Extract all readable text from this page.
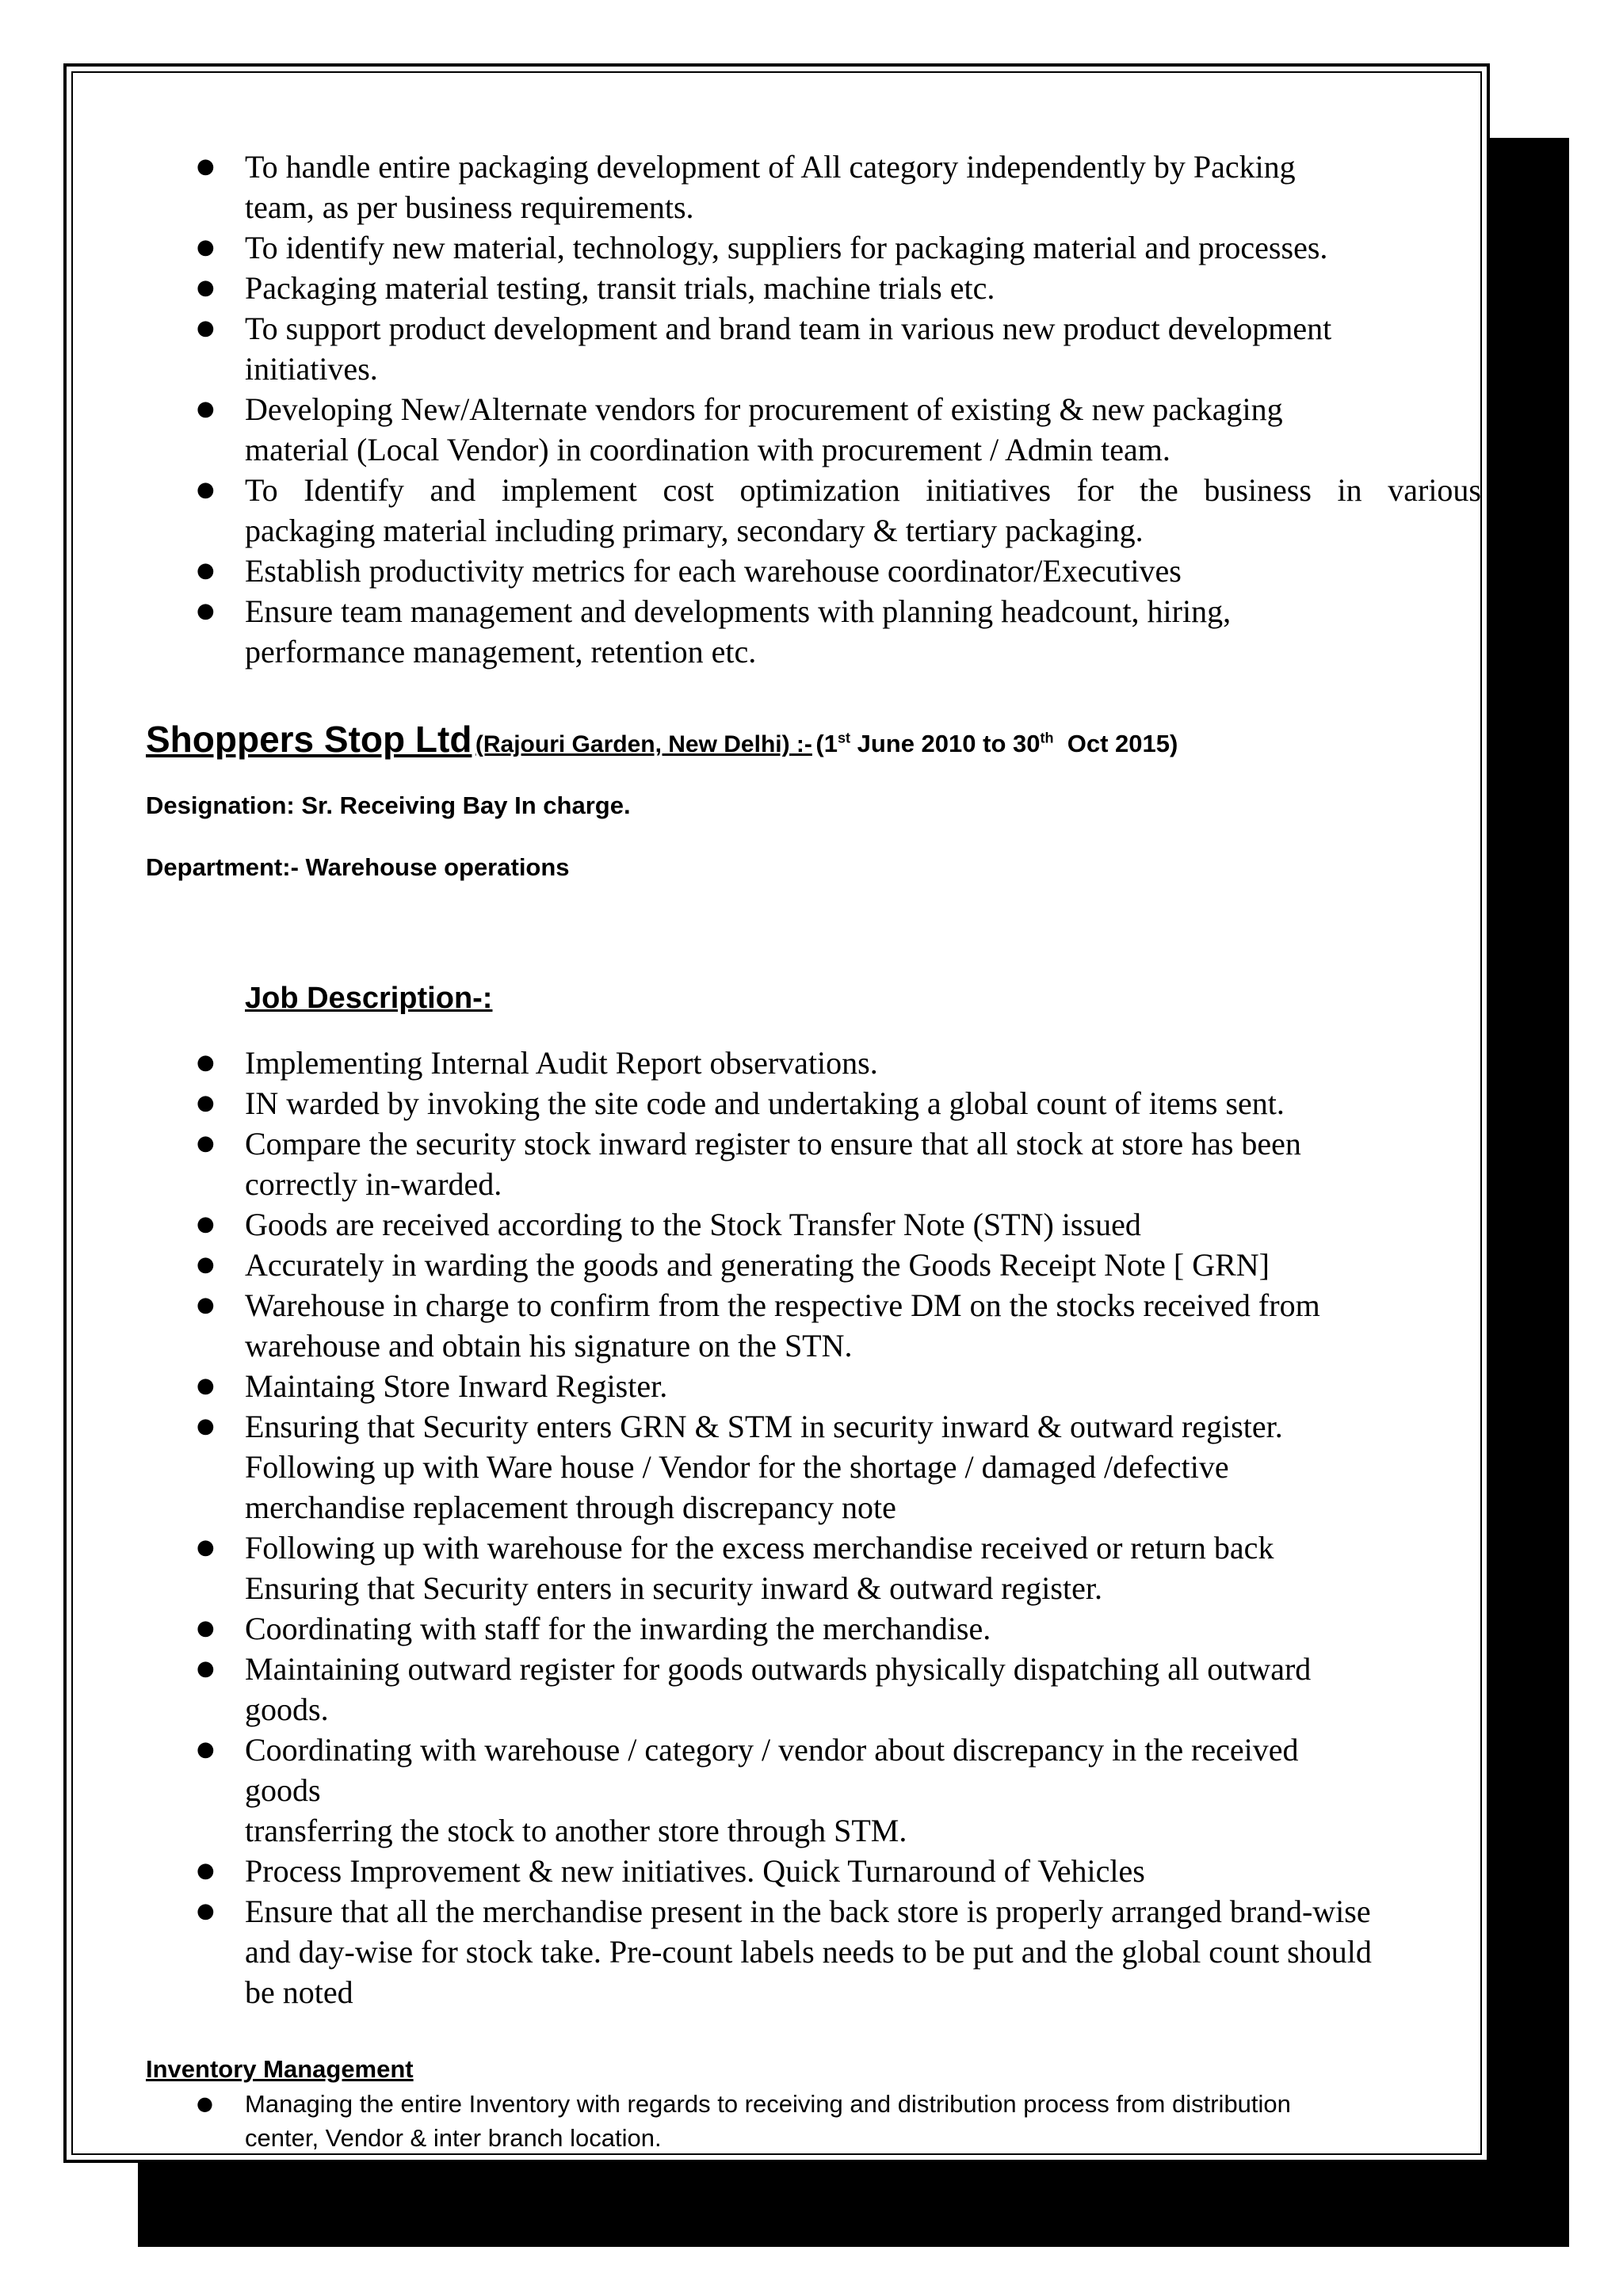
● To handle entire packaging development of All category independently by Packing
team, as per business requirements.
● To identify new material, technology, suppliers for packaging material and processes.
● Packaging material testing, transit trials, machine trials etc.
● To support product development and brand team in various new product development
initiatives.
● Developing New/Alternate vendors for procurement of existing & new packaging
material (Local Vendor) in coordination with procurement / Admin team.
● To Identify and implement cost optimization initiatives for the business in various
packaging material including primary, secondary & tertiary packaging.
● Establish productivity metrics for each warehouse coordinator/Executives
● Ensure team management and developments with planning headcount, hiring,
performance management, retention etc.
Shoppers Stop Ltd (Rajouri Garden, New Delhi) :- (1st June 2010 to 30th  Oct 2015)
Designation: Sr. Receiving Bay In charge.
Department:- Warehouse operations
Job Description-:
● Implementing Internal Audit Report observations.
● IN warded by invoking the site code and undertaking a global count of items sent.
● Compare the security stock inward register to ensure that all stock at store has been
correctly in-warded.
● Goods are received according to the Stock Transfer Note (STN) issued
● Accurately in warding the goods and generating the Goods Receipt Note [ GRN]
● Warehouse in charge to confirm from the respective DM on the stocks received from
warehouse and obtain his signature on the STN.
● Maintaing Store Inward Register.
● Ensuring that Security enters GRN & STM in security inward & outward register.
Following up with Ware house / Vendor for the shortage / damaged /defective
merchandise replacement through discrepancy note
● Following up with warehouse for the excess merchandise received or return back
Ensuring that Security enters in security inward & outward register.
● Coordinating with staff for the inwarding the merchandise.
● Maintaining outward register for goods outwards physically dispatching all outward
goods.
● Coordinating with warehouse / category / vendor about discrepancy in the received
goods
transferring the stock to another store through STM.
● Process Improvement & new initiatives. Quick Turnaround of Vehicles
● Ensure that all the merchandise present in the back store is properly arranged brand-wise
and day-wise for stock take. Pre-count labels needs to be put and the global count should
be noted
Inventory Management
● Managing the entire Inventory with regards to receiving and distribution process from distribution
center, Vendor & inter branch location.
